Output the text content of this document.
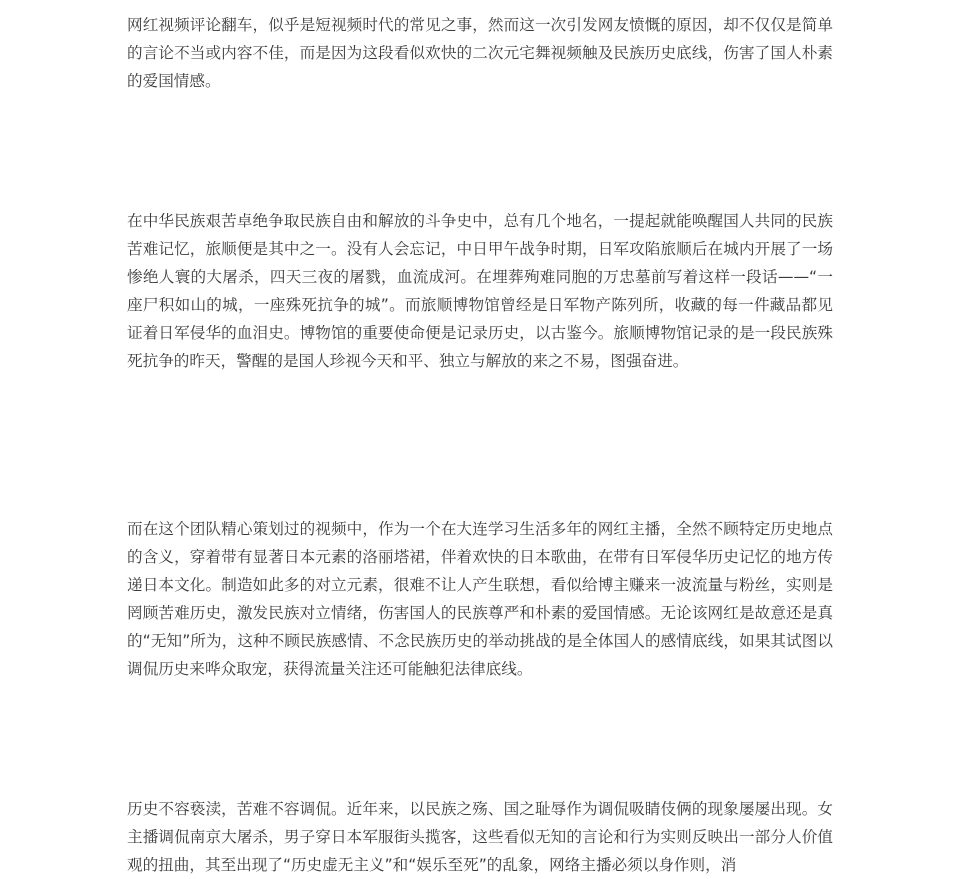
网红视频评论翻车，似乎是短视频时代的常见之事，然而这一次引发网友愤慨的原因，却不仅仅是简单的言论不当或内容不佳，而是因为这段看似欢快的二次元宅舞视频触及民族历史底线，伤害了国人朴素的爱国情感。

在中华民族艰苦卓绝争取民族自由和解放的斗争史中，总有几个地名，一提起就能唤醒国人共同的民族苦难记忆，旅顺便是其中之一。没有人会忘记，中日甲午战争时期，日军攻陷旅顺后在城内开展了一场惨绝人寰的大屠杀，四天三夜的屠戮，血流成河。在埋葬殉难同胞的万忠墓前写着这样一段话——“一座尸积如山的城，一座殊死抗争的城”。而旅顺博物馆曾经是日军物产陈列所，收藏的每一件藏品都见证着日军侵华的血泪史。博物馆的重要使命便是记录历史，以古鉴今。旅顺博物馆记录的是一段民族殊死抗争的昨天，警醒的是国人珍视今天和平、独立与解放的来之不易，图强奋进。

而在这个团队精心策划过的视频中，作为一个在大连学习生活多年的网红主播，全然不顾特定历史地点的含义，穿着带有显著日本元素的洛丽塔裙，伴着欢快的日本歌曲，在带有日军侵华历史记忆的地方传递日本文化。制造如此多的对立元素，很难不让人产生联想，看似给博主赚来一波流量与粉丝，实则是罔顾苦难历史，激发民族对立情绪，伤害国人的民族尊严和朴素的爱国情感。无论该网红是故意还是真的“无知”所为，这种不顾民族感情、不念民族历史的举动挑战的是全体国人的感情底线，如果其试图以调侃历史来哗众取宠，获得流量关注还可能触犯法律底线。

历史不容亵渎，苦难不容调侃。近年来，以民族之殇、国之耻辱作为调侃吸睛伎俩的现象屡屡出现。女主播调侃南京大屠杀，男子穿日本军服街头揽客，这些看似无知的言论和行为实则反映出一部分人价值观的扭曲，其至出现了“历史虚无主义”和“娱乐至死”的乱象，网络主播必须以身作则，消
